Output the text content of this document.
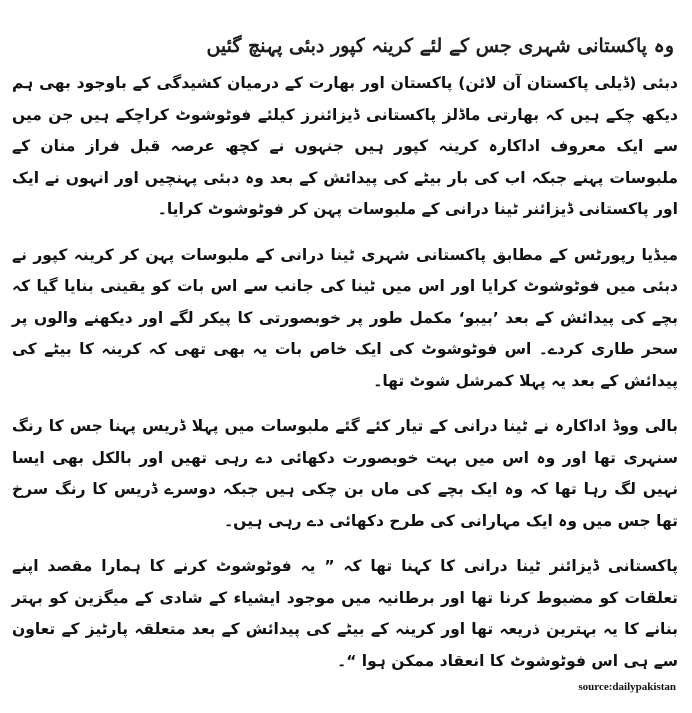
وہ پاکستانی شہری جس کے لئے کرینہ کپور دبئی پہنچ گئیں

دبئی (ڈیلی پاکستان آن لائن) پاکستان اور بھارت کے درمیان کشیدگی کے باوجود بھی ہم دیکھ چکے ہیں کہ بھارتی ماڈلز پاکستانی ڈیزائنرز کیلئے فوٹوشوٹ کراچکے ہیں جن میں سے ایک معروف اداکارہ کرینہ کپور ہیں جنہوں نے کچھ عرصہ قبل فراز منان کے ملبوسات پہنے جبکہ اب کی بار بیٹے کی پیدائش کے بعد وہ دبئی پہنچیں اور انہوں نے ایک اور پاکستانی ڈیزائنر ٹینا درانی کے ملبوسات پہن کر فوٹوشوٹ کرایا۔

میڈیا رپورٹس کے مطابق پاکستانی شہری ٹینا درانی کے ملبوسات پہن کر کرینہ کپور نے دبئی میں فوٹوشوٹ کرایا اور اس میں ٹینا کی جانب سے اس بات کو یقینی بنایا گیا کہ بچے کی پیدائش کے بعد ’بیبو‘ مکمل طور پر خوبصورتی کا پیکر لگے اور دیکھنے والوں پر سحر طاری کردے۔ اس فوٹوشوٹ کی ایک خاص بات یہ بھی تھی کہ کرینہ کا بیٹے کی پیدائش کے بعد یہ پہلا کمرشل شوٹ تھا۔

بالی ووڈ اداکارہ نے ٹینا درانی کے تیار کئے گئے ملبوسات میں پہلا ڈریس پہنا جس کا رنگ سنہری تھا اور وہ اس میں بہت خوبصورت دکھائی دے رہی تھیں اور بالکل بھی ایسا نہیں لگ رہا تھا کہ وہ ایک بچے کی ماں بن چکی ہیں جبکہ دوسرے ڈریس کا رنگ سرخ تھا جس میں وہ ایک مہارانی کی طرح دکھائی دے رہی ہیں۔

پاکستانی ڈیزائنر ٹینا درانی کا کہنا تھا کہ ” یہ فوٹوشوٹ کرنے کا ہمارا مقصد اپنے تعلقات کو مضبوط کرنا تھا اور برطانیہ میں موجود ایشیاء کے شادی کے میگزین کو بہتر بنانے کا یہ بہترین ذریعہ تھا اور کرینہ کے بیٹے کی پیدائش کے بعد متعلقہ پارٹیز کے تعاون سے ہی اس فوٹوشوٹ کا انعقاد ممکن ہوا “۔

source:dailypakistan
